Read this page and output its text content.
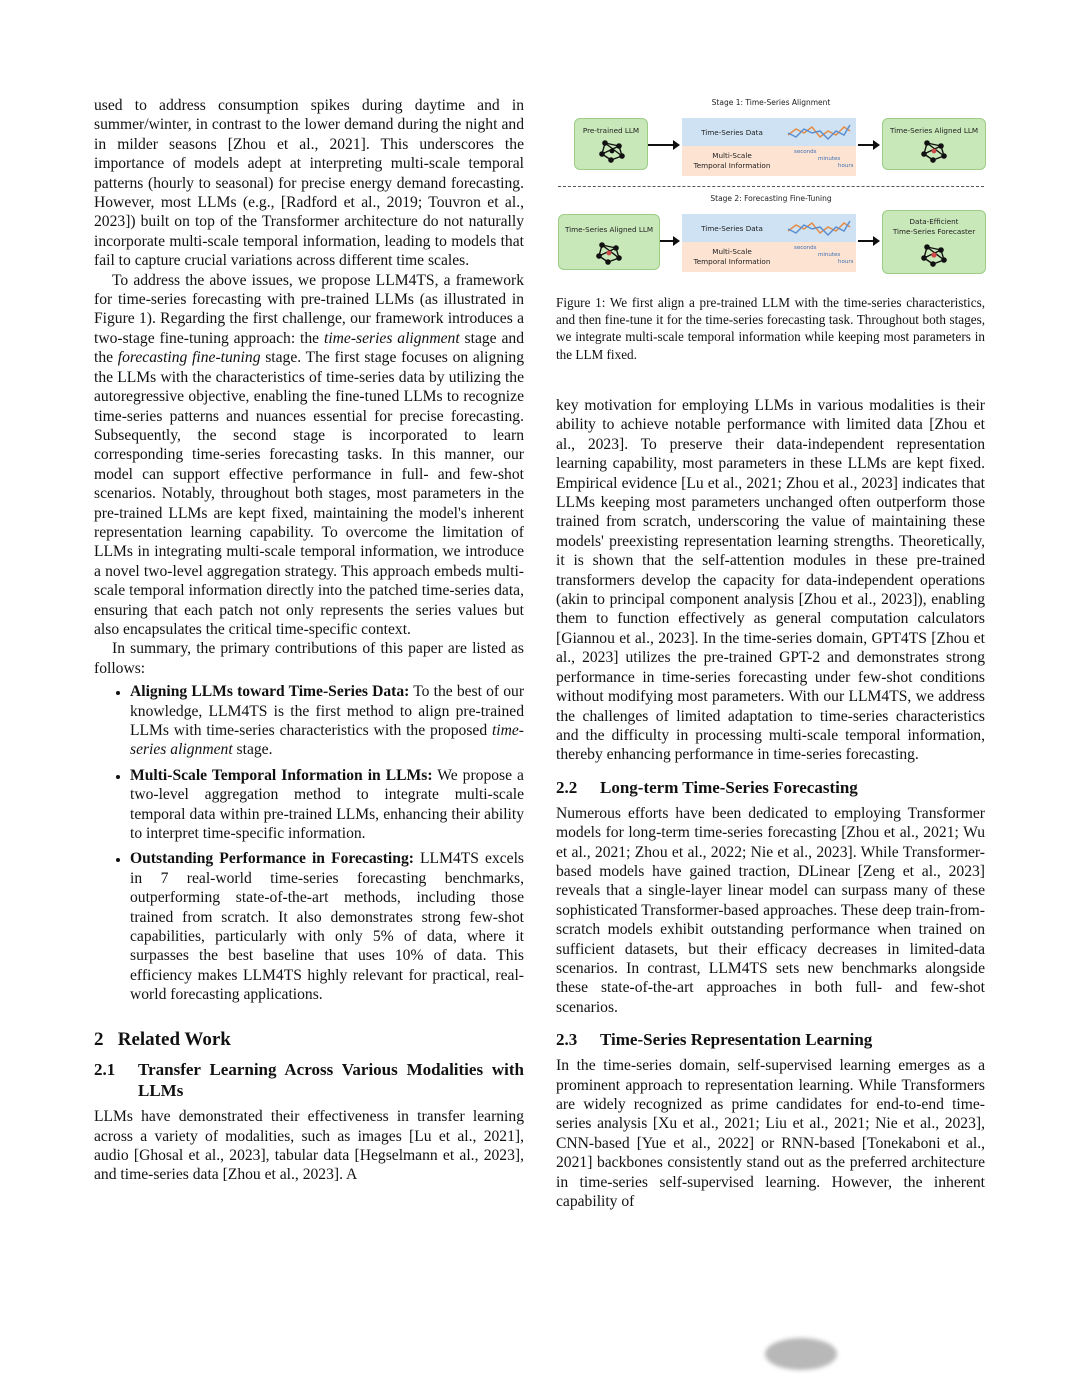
Stage 1: Time-Series Alignment
Pre-trained LLM	Time-Series Data
Multi-Scale
Temporal Information
seconds
minutes
hours
Time-Series Aligned LLM
Stage 2: Forecasting Fine-Tuning
Time-Series Aligned LLM	Time-Series Data
Multi-Scale
Temporal Information
seconds
minutes
hours
Data-Efficient
Time-Series Forecaster
Figure 1: We first align a pre-trained LLM with the time-series characteristics, and then fine-tune it for the time-series forecasting task. Throughout both stages, we integrate multi-scale temporal information while keeping most parameters in the LLM fixed.

used to address consumption spikes during daytime and in summer/winter, in contrast to the lower demand during the night and in milder seasons [Zhou et al., 2021]. This underscores the importance of models adept at interpreting multi-scale temporal patterns (hourly to seasonal) for precise energy demand forecasting. However, most LLMs (e.g., [Radford et al., 2019; Touvron et al., 2023]) built on top of the Transformer architecture do not naturally incorporate multi-scale temporal information, leading to models that fail to capture crucial variations across different time scales.

To address the above issues, we propose LLM4TS, a framework for time-series forecasting with pre-trained LLMs (as illustrated in Figure 1). Regarding the first challenge, our framework introduces a two-stage fine-tuning approach: the time-series alignment stage and the forecasting fine-tuning stage. The first stage focuses on aligning the LLMs with the characteristics of time-series data by utilizing the autoregressive objective, enabling the fine-tuned LLMs to recognize time-series patterns and nuances essential for precise forecasting. Subsequently, the second stage is incorporated to learn corresponding time-series forecasting tasks. In this manner, our model can support effective performance in full- and few-shot scenarios. Notably, throughout both stages, most parameters in the pre-trained LLMs are kept fixed, maintaining the model's inherent representation learning capability. To overcome the limitation of LLMs in integrating multi-scale temporal information, we introduce a novel two-level aggregation strategy. This approach embeds multi-scale temporal information directly into the patched time-series data, ensuring that each patch not only represents the series values but also encapsulates the critical time-specific context.

In summary, the primary contributions of this paper are listed as follows:

• Aligning LLMs toward Time-Series Data: To the best of our knowledge, LLM4TS is the first method to align pre-trained LLMs with time-series characteristics with the proposed time-series alignment stage.
• Multi-Scale Temporal Information in LLMs: We propose a two-level aggregation method to integrate multi-scale temporal data within pre-trained LLMs, enhancing their ability to interpret time-specific information.
• Outstanding Performance in Forecasting: LLM4TS excels in 7 real-world time-series forecasting benchmarks, outperforming state-of-the-art methods, including those trained from scratch. It also demonstrates strong few-shot capabilities, particularly with only 5% of data, where it surpasses the best baseline that uses 10% of data. This efficiency makes LLM4TS highly relevant for practical, real-world forecasting applications.
2 Related Work
2.1	Transfer Learning Across Various Modalities with LLMs

LLMs have demonstrated their effectiveness in transfer learning across a variety of modalities, such as images [Lu et al., 2021], audio [Ghosal et al., 2023], tabular data [Hegselmann et al., 2023], and time-series data [Zhou et al., 2023]. A

key motivation for employing LLMs in various modalities is their ability to achieve notable performance with limited data [Zhou et al., 2023]. To preserve their data-independent representation learning capability, most parameters in these LLMs are kept fixed. Empirical evidence [Lu et al., 2021; Zhou et al., 2023] indicates that LLMs keeping most parameters unchanged often outperform those trained from scratch, underscoring the value of maintaining these models' preexisting representation learning strengths. Theoretically, it is shown that the self-attention modules in these pre-trained transformers develop the capacity for data-independent operations (akin to principal component analysis [Zhou et al., 2023]), enabling them to function effectively as general computation calculators [Giannou et al., 2023]. In the time-series domain, GPT4TS [Zhou et al., 2023] utilizes the pre-trained GPT-2 and demonstrates strong performance in time-series forecasting under few-shot conditions without modifying most parameters. With our LLM4TS, we address the challenges of limited adaptation to time-series characteristics and the difficulty in processing multi-scale temporal information, thereby enhancing performance in time-series forecasting.

2.2	Long-term Time-Series Forecasting

Numerous efforts have been dedicated to employing Transformer models for long-term time-series forecasting [Zhou et al., 2021; Wu et al., 2021; Zhou et al., 2022; Nie et al., 2023]. While Transformer-based models have gained traction, DLinear [Zeng et al., 2023] reveals that a single-layer linear model can surpass many of these sophisticated Transformer-based approaches. These deep train-from-scratch models exhibit outstanding performance when trained on sufficient datasets, but their efficacy decreases in limited-data scenarios. In contrast, LLM4TS sets new benchmarks alongside these state-of-the-art approaches in both full- and few-shot scenarios.

2.3	Time-Series Representation Learning

In the time-series domain, self-supervised learning emerges as a prominent approach to representation learning. While Transformers are widely recognized as prime candidates for end-to-end time-series analysis [Xu et al., 2021; Liu et al., 2021; Nie et al., 2023], CNN-based [Yue et al., 2022] or RNN-based [Tonekaboni et al., 2021] backbones consistently stand out as the preferred architecture in time-series self-supervised learning. However, the inherent capability of
